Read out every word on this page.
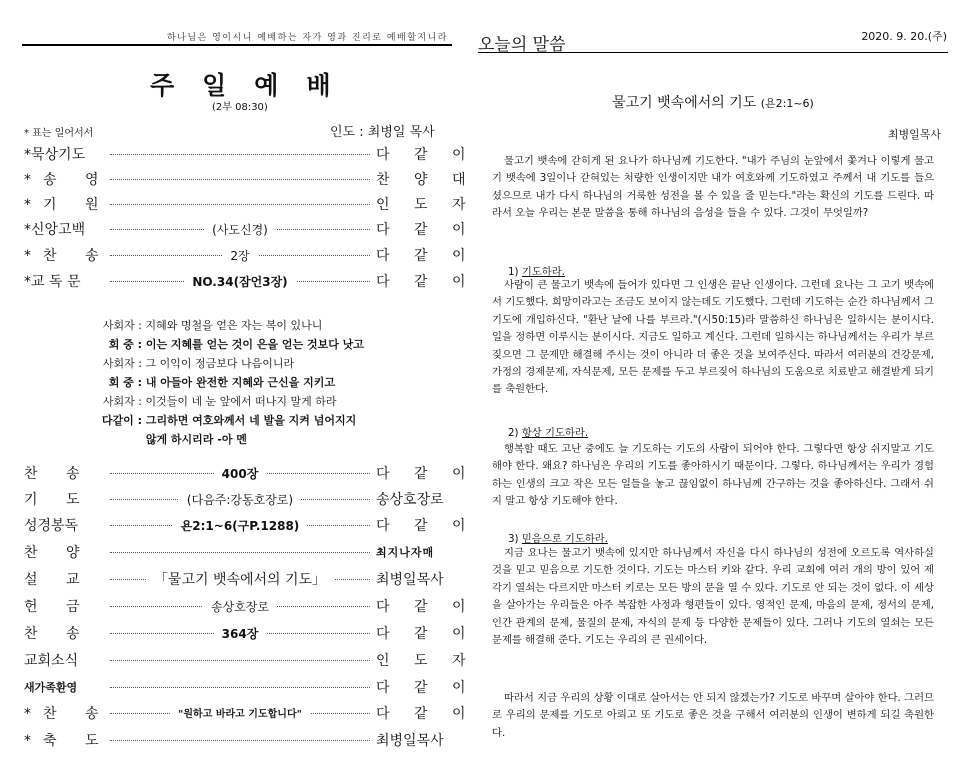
하나님은 영이시니 예배하는 자가 영과 진리로 예배할지니라
주일예배
(2부 08:30)
* 표는 일어서서	인도 : 최병일 목사
*묵상기도	다 같 이
*송 영	찬 양 대
*기 원	인 도 자
*신앙고백	(사도신경)	다 같 이
*찬 송	2장	다 같 이
*교 독 문	NO.34(잠언3장)	다 같 이
사회자 : 지혜와 명철을 얻은 자는 복이 있나니
회 중 : 이는 지혜를 얻는 것이 은을 얻는 것보다 낫고
사회자 : 그 이익이 정금보다 나음이니라
회 중 : 내 아들아 완전한 지혜와 근신을 지키고
사회자 : 이것들이 네 눈 앞에서 떠나지 말게 하라
다같이 : 그리하면 여호와께서 네 발을 지켜 넘어지지
않게 하시리라 -아 멘
찬 송	400장	다 같 이
기 도	(다음주:강동호장로)	송상호장로
성경봉독	욘2:1~6(구P.1288)	다 같 이
찬 양	최지나자매
설 교	「물고기 뱃속에서의 기도」	최병일목사
헌 금	송상호장로	다 같 이
찬 송	364장	다 같 이
교회소식	인 도 자
새가족환영	다 같 이
*찬 송	"원하고 바라고 기도합니다"	다 같 이
*축 도	최병일목사
오늘의 말씀	2020. 9. 20.(주)
물고기 뱃속에서의 기도 (욘2:1~6)
최병일목사
물고기 뱃속에 갇히게 된 요나가 하나님께 기도한다. "내가 주님의 눈앞에서 쫓겨나 이렇게 물고기 뱃속에 3일이나 갇혀있는 처량한 인생이지만 내가 여호와께 기도하였고 주께서 내 기도를 들으셨으므로 내가 다시 하나님의 거룩한 성전을 볼 수 있을 줄 믿는다."라는 확신의 기도를 드린다. 따라서 오늘 우리는 본문 말씀을 통해 하나님의 음성을 들을 수 있다. 그것이 무엇일까?
1) 기도하라.
사람이 큰 물고기 뱃속에 들어가 있다면 그 인생은 끝난 인생이다. 그런데 요나는 그 고기 뱃속에서 기도했다. 희망이라고는 조금도 보이지 않는데도 기도했다. 그런데 기도하는 순간 하나님께서 그 기도에 개입하신다. "환난 날에 나를 부르라."(시50:15)라 말씀하신 하나님은 일하시는 분이시다. 일을 정하면 이루시는 분이시다. 지금도 일하고 계신다. 그런데 일하시는 하나님께서는 우리가 부르짖으면 그 문제만 해결해 주시는 것이 아니라 더 좋은 것을 보여주신다. 따라서 여러분의 건강문제, 가정의 경제문제, 자식문제, 모든 문제를 두고 부르짖어 하나님의 도움으로 치료받고 해결받게 되기를 축원한다.
2) 항상 기도하라.
행복할 때도 고난 중에도 늘 기도하는 기도의 사람이 되어야 한다. 그렇다면 항상 쉬지말고 기도해야 한다. 왜요? 하나님은 우리의 기도를 좋아하시기 때문이다. 그렇다. 하나님께서는 우리가 경험하는 인생의 크고 작은 모든 일들을 놓고 끊임없이 하나님께 간구하는 것을 좋아하신다. 그래서 쉬지 말고 항상 기도해야 한다.
3) 믿음으로 기도하라.
지금 요나는 물고기 뱃속에 있지만 하나님께서 자신을 다시 하나님의 성전에 오르도록 역사하실 것을 믿고 믿음으로 기도한 것이다. 기도는 마스터 키와 같다. 우리 교회에 여러 개의 방이 있어 제각기 열쇠는 다르지만 마스터 키로는 모든 방의 문을 열 수 있다. 기도로 안 되는 것이 없다. 이 세상을 살아가는 우리들은 아주 복잡한 사정과 형편들이 있다. 영적인 문제, 마음의 문제, 정서의 문제, 인간 관계의 문제, 물질의 문제, 자식의 문제 등 다양한 문제들이 있다. 그러나 기도의 열쇠는 모든 문제를 해결해 준다. 기도는 우리의 큰 권세이다.
따라서 지금 우리의 상황 이대로 살아서는 안 되지 않겠는가? 기도로 바꾸며 살아야 한다. 그러므로 우리의 문제를 기도로 아뢰고 또 기도로 좋은 것을 구해서 여러분의 인생이 변하게 되길 축원한다.
